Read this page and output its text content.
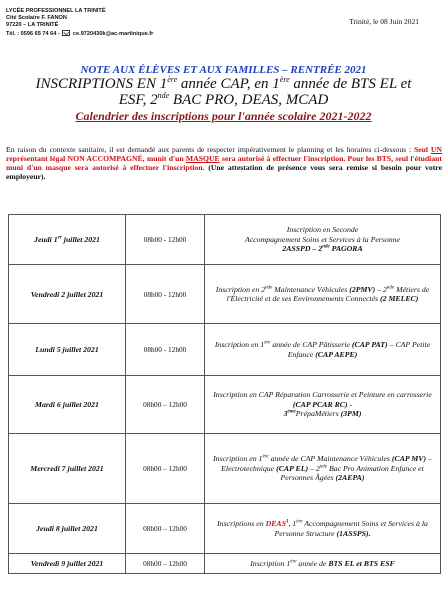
LYCÉE PROFESSIONNEL LA TRINITÉ
Cité Scolaire F. FANON
97220 – LA TRINITÉ
Tél. : 0596 65 74 64 - ce.9720430k@ac-martinique.fr
Trinité, le 08 Juin 2021
NOTE AUX ÉLÈVES ET AUX FAMILLES – RENTRÉE 2021
INSCRIPTIONS EN 1ère année CAP, en 1ère année de BTS EL et
ESF, 2nde BAC PRO, DEAS, MCAD
Calendrier des inscriptions pour l'année scolaire 2021-2022
En raison du contexte sanitaire, il est demandé aux parents de respecter impérativement le planning et les horaires ci-dessous : Seul UN représentant légal NON ACCOMPAGNÉ, munit d'un MASQUE sera autorisé à effectuer l'inscription. Pour les BTS, seul l'étudiant muni d'un masque sera autorisé à effectuer l'inscription. (Une attestation de présence vous sera remise si besoin pour votre employeur).
Jeudi 1er juillet 2021	08h00 - 12h00	Inscription en Seconde
Accompagnement Soins et Services à la Personne
2ASSPD – 2nde PAGORA
Vendredi 2 juillet 2021	08h00 - 12h00	Inscription en 2nde Maintenance Véhicules (2PMV) – 2nde Métiers de l'Électricité et de ses Environnements Connectés (2 MELEC)
Lundi 5 juillet 2021	08h00 - 12h00	Inscription en 1ère année de CAP Pâtisserie (CAP PAT) – CAP Petite Enfance (CAP AEPE)
Mardi 6 juillet 2021	08h00 – 12h00	Inscription en CAP Réparation Carrosserie et Peinture en carrosserie (CAP PCAR RC) -
3èmePrépaMétiers (3PM)
Mercredi 7 juillet 2021	08h00 – 12h00	Inscription en 1ère année de CAP Maintenance Véhicules (CAP MV) – Electrotechnique (CAP EL) – 2nde Bac Pro Animation Enfance et Personnes Âgées (2AEPA)
Jeudi 8 juillet 2021	08h00 – 12h00	Inscriptions en DEAS$^1$, 1ère Accompagnement Soins et Services à la Personne Structure (1ASSPS).
Vendredi 9 juillet 2021	08h00 – 12h00	Inscription 1ère année de BTS EL et BTS ESF
